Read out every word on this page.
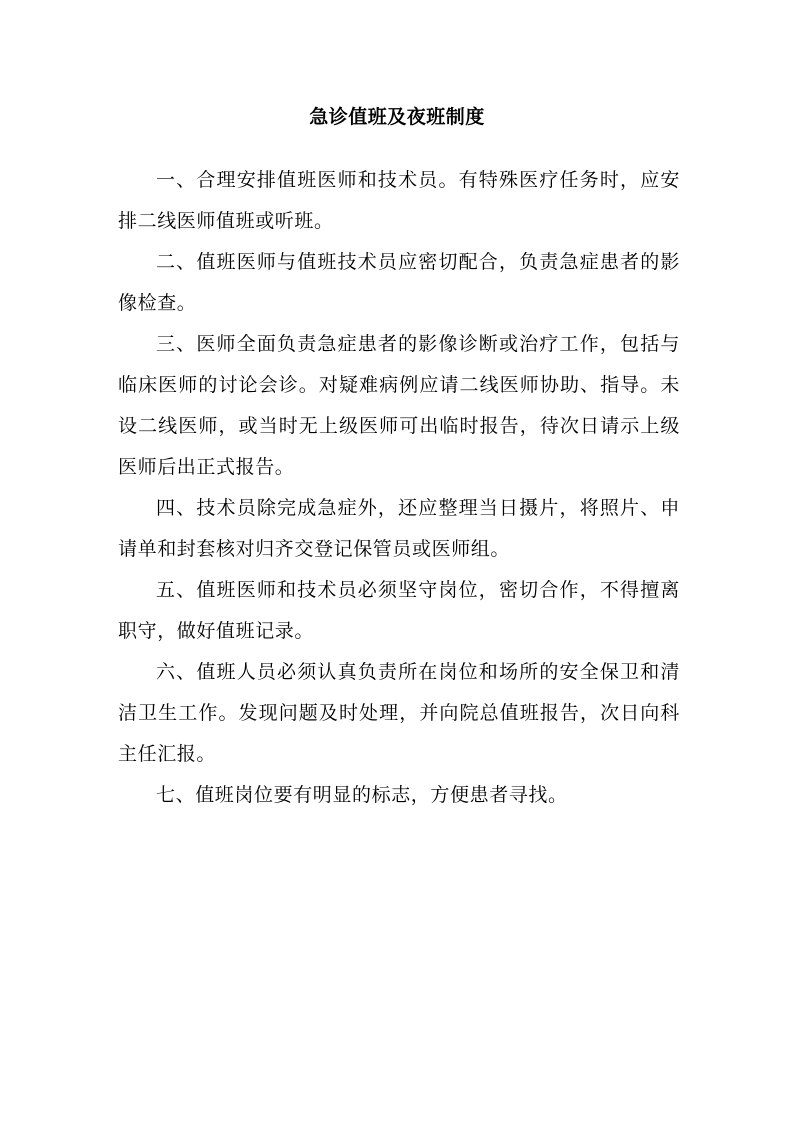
急诊值班及夜班制度

一、合理安排值班医师和技术员。有特殊医疗任务时，应安排二线医师值班或听班。

二、值班医师与值班技术员应密切配合，负责急症患者的影像检查。

三、医师全面负责急症患者的影像诊断或治疗工作，包括与临床医师的讨论会诊。对疑难病例应请二线医师协助、指导。未设二线医师，或当时无上级医师可出临时报告，待次日请示上级医师后出正式报告。

四、技术员除完成急症外，还应整理当日摄片，将照片、申请单和封套核对归齐交登记保管员或医师组。

五、值班医师和技术员必须坚守岗位，密切合作，不得擅离职守，做好值班记录。

六、值班人员必须认真负责所在岗位和场所的安全保卫和清洁卫生工作。发现问题及时处理，并向院总值班报告，次日向科主任汇报。

七、值班岗位要有明显的标志，方便患者寻找。
